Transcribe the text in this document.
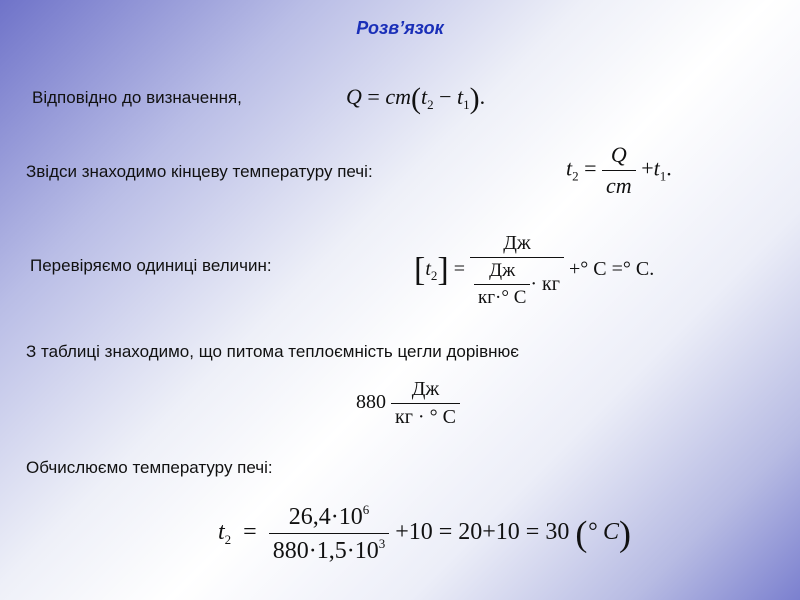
Розв’язок
Відповідно до визначення,	$Q = cm(t_2 - t_1)$.
Звідси знаходимо кінцеву температуру печі:	$t_2 = \frac{Q}{cm} +t_1$.
Перевіряємо одиниці величин:	$[t_2] = \frac{Дж}{\frac{Дж}{кг\cdot^\circ С} \cdot кг}$ +° С =° С.
З таблиці знаходимо, що питома теплоємність цегли дорівнює
$880 \frac{Дж}{кг \cdot ^\circ С}$
Обчислюємо температуру печі:
$t_2 = \frac{26,4\cdot 10^6}{880\cdot 1,5\cdot 10^3} +10 = 20+10 = 30$ (° C)
